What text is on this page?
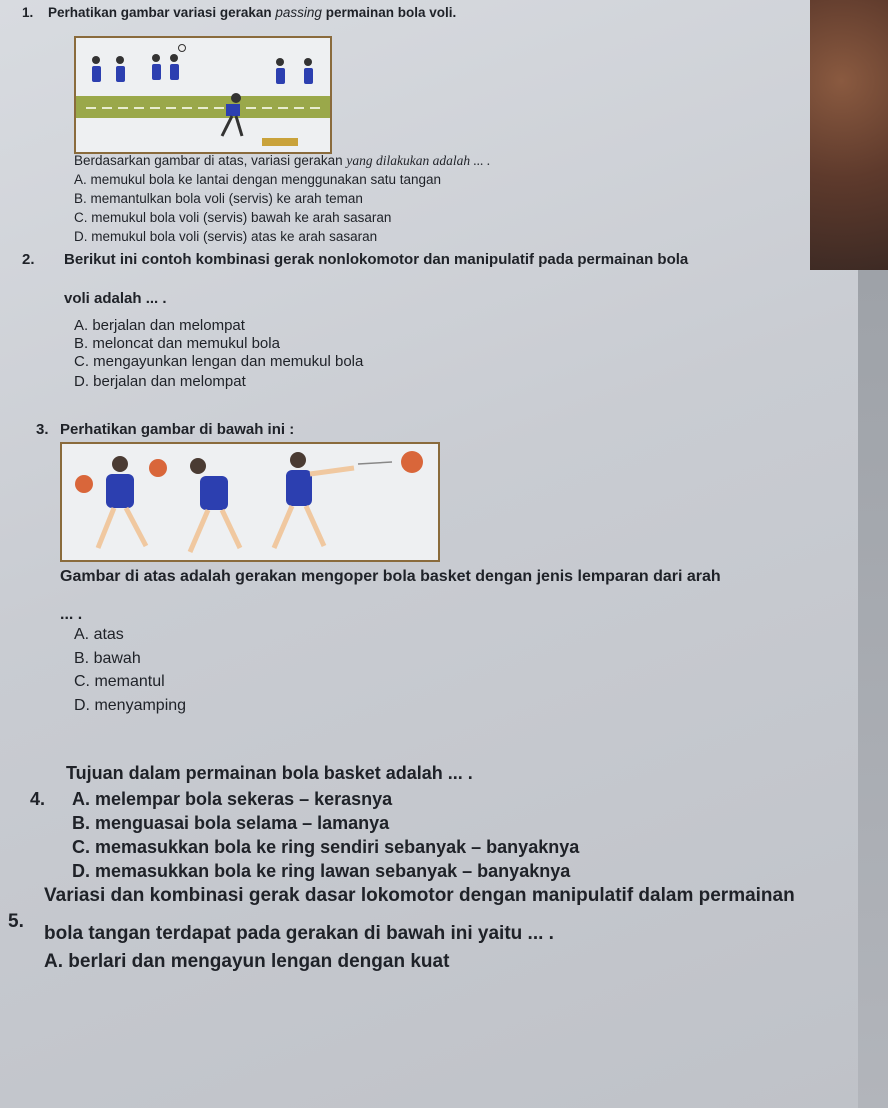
1. Perhatikan gambar variasi gerakan passing permainan bola voli.
Berdasarkan gambar di atas, variasi gerakan yang dilakukan adalah ... .
A. memukul bola ke lantai dengan menggunakan satu tangan
B. memantulkan bola voli (servis) ke arah teman
C. memukul bola voli (servis) bawah ke arah sasaran
D. memukul bola voli (servis) atas ke arah sasaran
2. Berikut ini contoh kombinasi gerak nonlokomotor dan manipulatif pada permainan bola
voli adalah ... .
A. berjalan dan melompat
B. meloncat dan memukul bola
C. mengayunkan lengan dan memukul bola
D. berjalan dan melompat
3. Perhatikan gambar di bawah ini :
Gambar di atas adalah gerakan mengoper bola basket dengan jenis lemparan dari arah
... .
A. atas
B. bawah
C. memantul
D. menyamping
4.
Tujuan dalam permainan bola basket adalah ... .
A. melempar bola sekeras – kerasnya
B. menguasai bola selama – lamanya
C. memasukkan bola ke ring sendiri sebanyak – banyaknya
D. memasukkan bola ke ring lawan sebanyak – banyaknya
5.
Variasi dan kombinasi gerak dasar lokomotor dengan manipulatif dalam permainan
bola tangan terdapat pada gerakan di bawah ini yaitu ... .
A. berlari dan mengayun lengan dengan kuat
